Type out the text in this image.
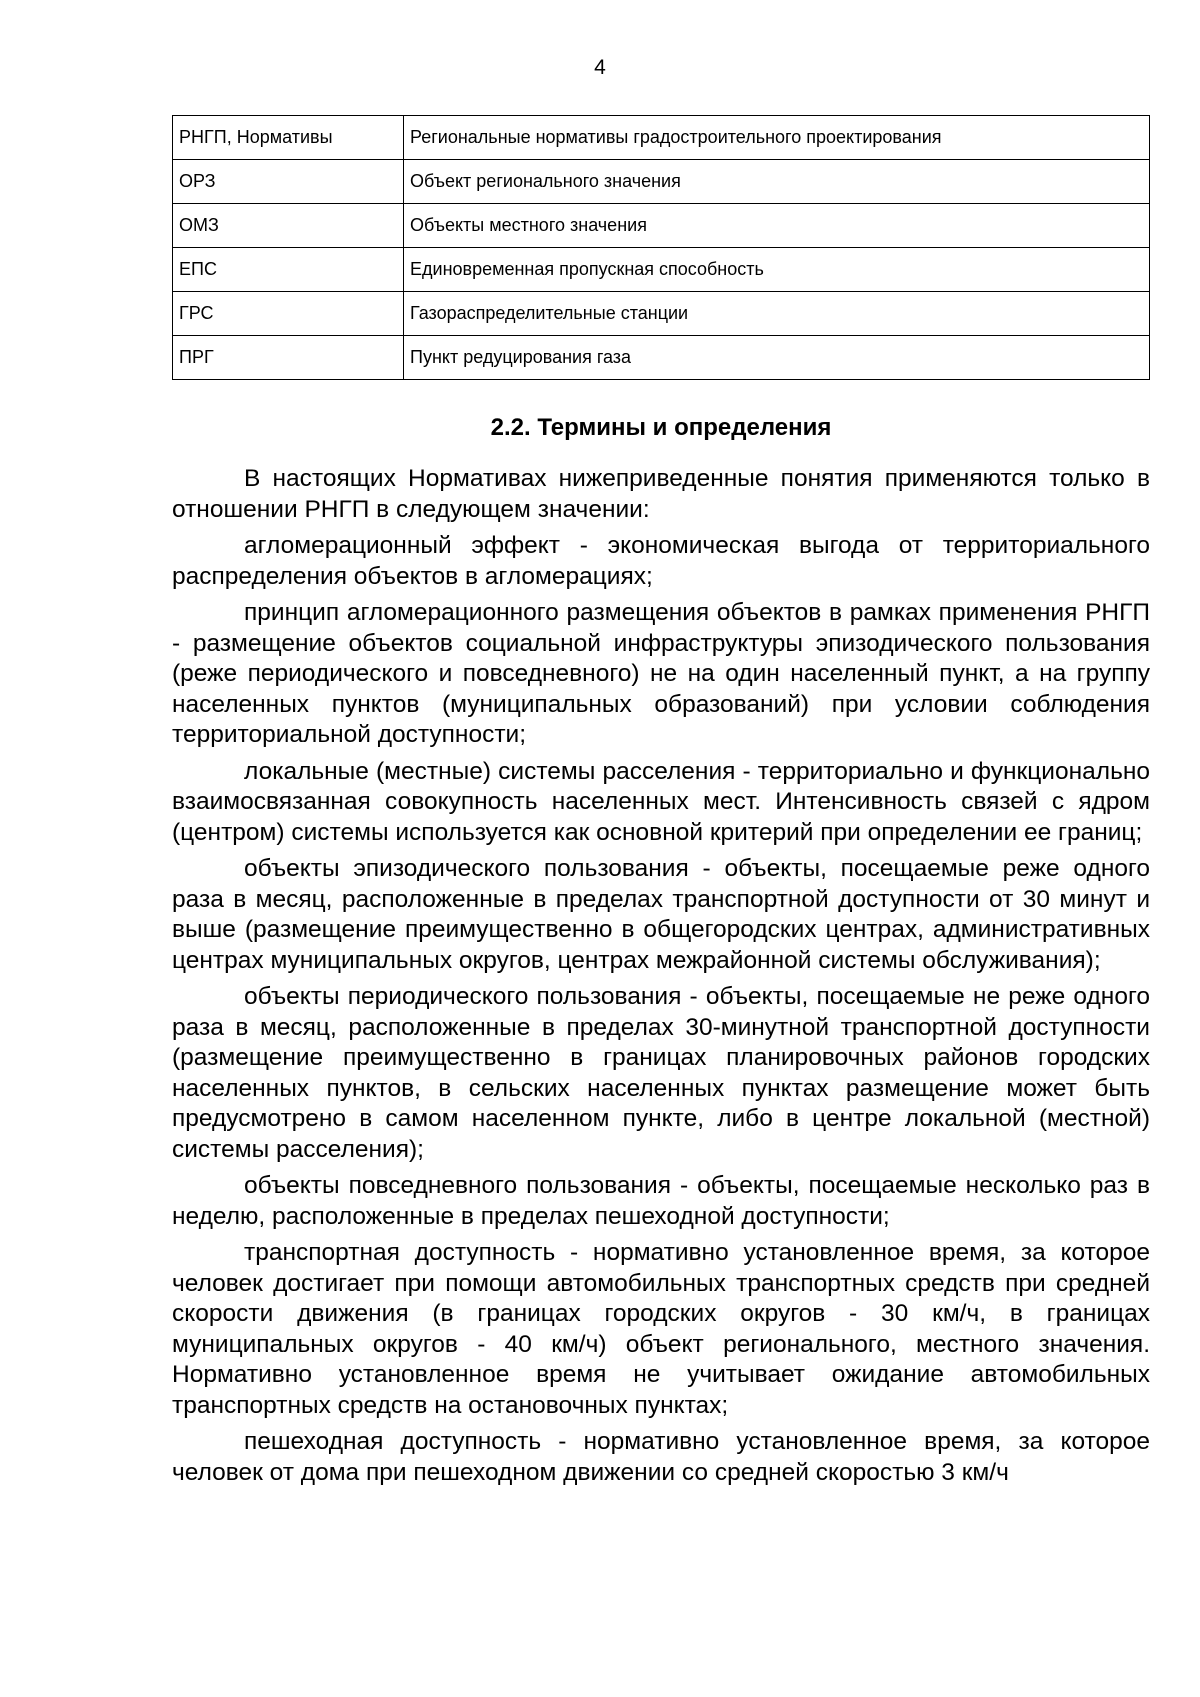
4
РНГП, Нормативы	Региональные нормативы градостроительного проектирования
ОРЗ	Объект регионального значения
ОМЗ	Объекты местного значения
ЕПС	Единовременная пропускная способность
ГРС	Газораспределительные станции
ПРГ	Пункт редуцирования газа
2.2. Термины и определения

В настоящих Нормативах нижеприведенные понятия применяются только в отношении РНГП в следующем значении:

агломерационный эффект - экономическая выгода от территориального распределения объектов в агломерациях;

принцип агломерационного размещения объектов в рамках применения РНГП - размещение объектов социальной инфраструктуры эпизодического пользования (реже периодического и повседневного) не на один населенный пункт, а на группу населенных пунктов (муниципальных образований) при условии соблюдения территориальной доступности;

локальные (местные) системы расселения - территориально и функционально взаимосвязанная совокупность населенных мест. Интенсивность связей с ядром (центром) системы используется как основной критерий при определении ее границ;

объекты эпизодического пользования - объекты, посещаемые реже одного раза в месяц, расположенные в пределах транспортной доступности от 30 минут и выше (размещение преимущественно в общегородских центрах, административных центрах муниципальных округов, центрах межрайонной системы обслуживания);

объекты периодического пользования - объекты, посещаемые не реже одного раза в месяц, расположенные в пределах 30-минутной транспортной доступности (размещение преимущественно в границах планировочных районов городских населенных пунктов, в сельских населенных пунктах размещение может быть предусмотрено в самом населенном пункте, либо в центре локальной (местной) системы расселения);

объекты повседневного пользования - объекты, посещаемые несколько раз в неделю, расположенные в пределах пешеходной доступности;

транспортная доступность - нормативно установленное время, за которое человек достигает при помощи автомобильных транспортных средств при средней скорости движения (в границах городских округов - 30 км/ч, в границах муниципальных округов - 40 км/ч) объект регионального, местного значения. Нормативно установленное время не учитывает ожидание автомобильных транспортных средств на остановочных пунктах;

пешеходная доступность - нормативно установленное время, за которое человек от дома при пешеходном движении со средней скоростью 3 км/ч
